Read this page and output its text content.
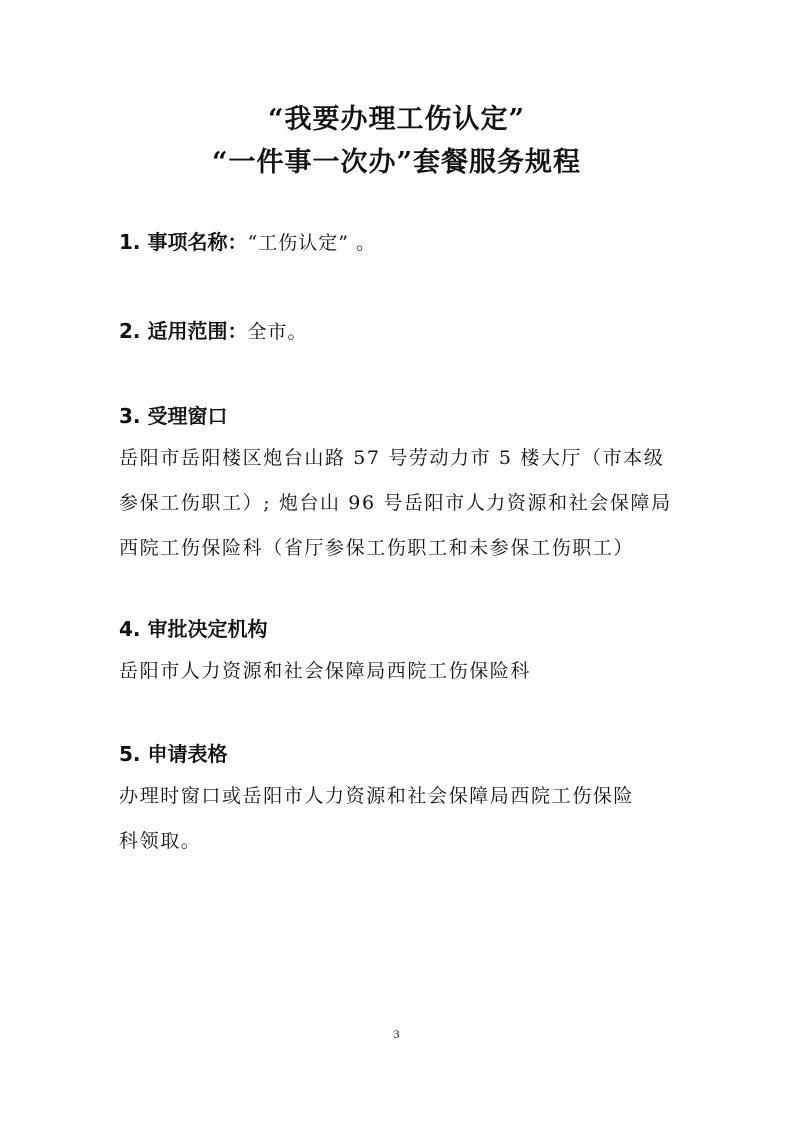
“我要办理工伤认定”
“一件事一次办”套餐服务规程
1. 事项名称：“工伤认定” 。
2. 适用范围：全市。
3. 受理窗口
岳阳市岳阳楼区炮台山路 57 号劳动力市 5 楼大厅（市本级
参保工伤职工）; 炮台山 96 号岳阳市人力资源和社会保障局
西院工伤保险科（省厅参保工伤职工和未参保工伤职工）
4. 审批决定机构
岳阳市人力资源和社会保障局西院工伤保险科
5. 申请表格
办理时窗口或岳阳市人力资源和社会保障局西院工伤保险
科领取。
3
